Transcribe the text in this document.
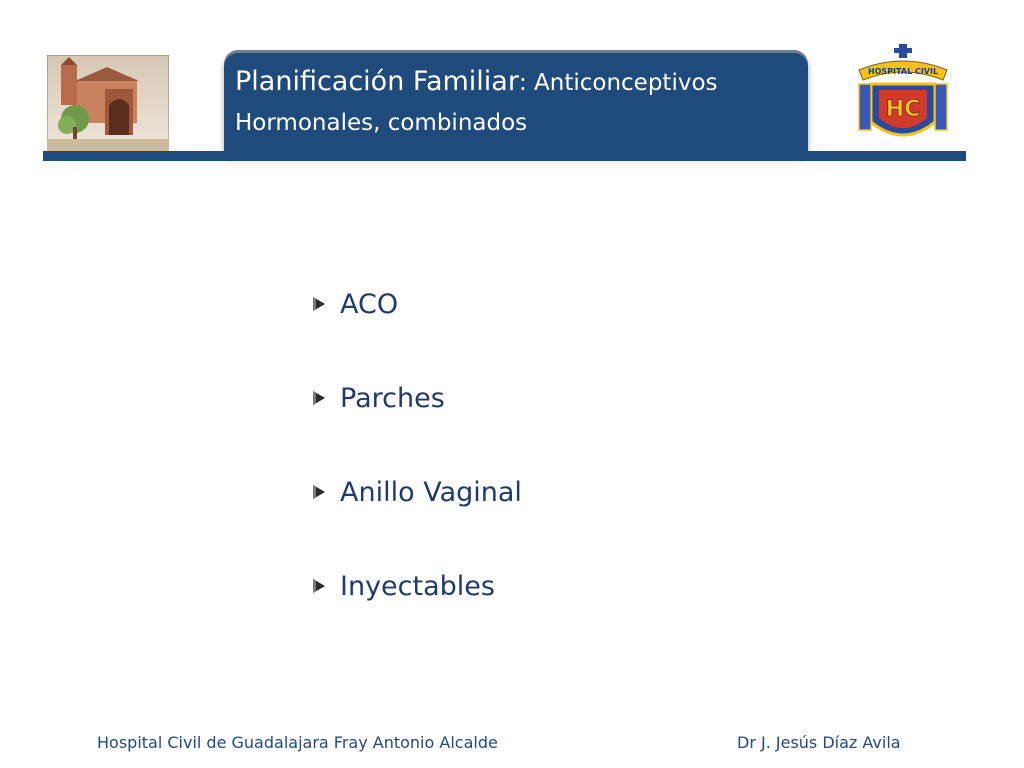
Planificación Familiar: Anticonceptivos
Hormonales, combinados
HOSPITAL CIVIL
HC
ACO
Parches
Anillo Vaginal
Inyectables
Hospital Civil de Guadalajara Fray Antonio Alcalde	Dr J. Jesús Díaz Avila
